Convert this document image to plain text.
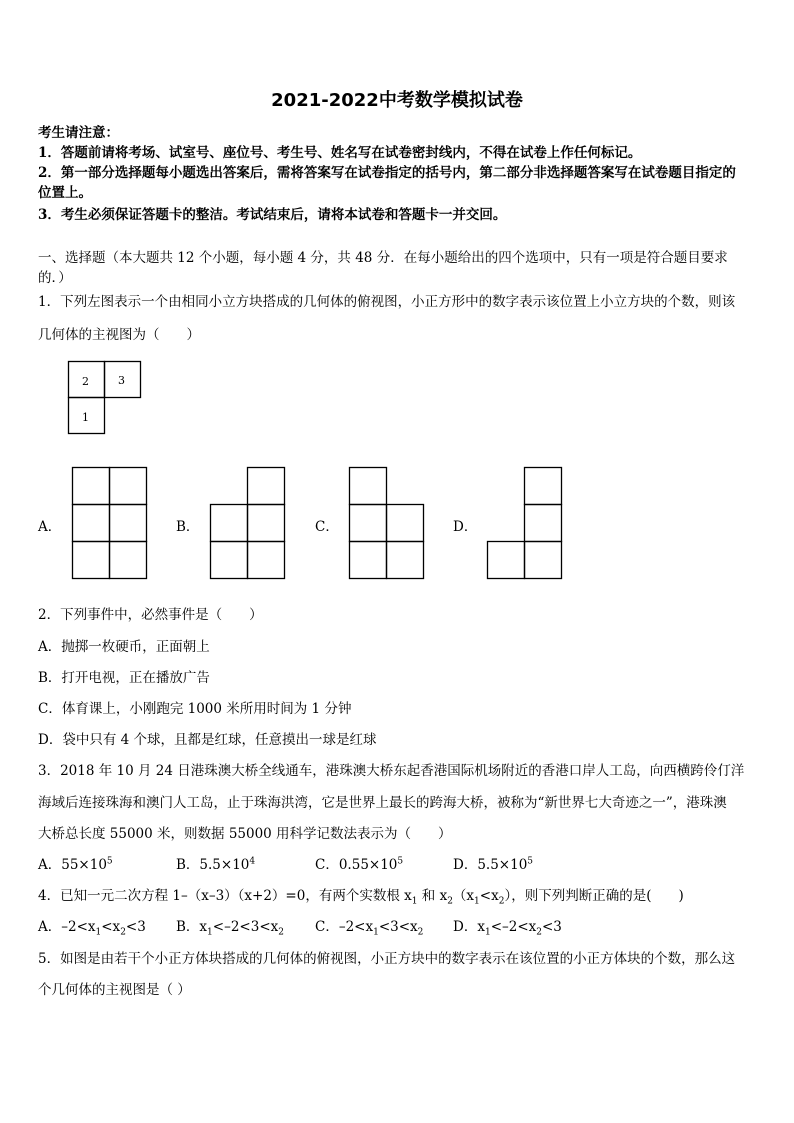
2021-2022中考数学模拟试卷
考生请注意：
1．答题前请将考场、试室号、座位号、考生号、姓名写在试卷密封线内，不得在试卷上作任何标记。
2．第一部分选择题每小题选出答案后，需将答案写在试卷指定的括号内，第二部分非选择题答案写在试卷题目指定的
位置上。
3．考生必须保证答题卡的整洁。考试结束后，请将本试卷和答题卡一并交回。
一、选择题（本大题共 12 个小题，每小题 4 分，共 48 分．在每小题给出的四个选项中，只有一项是符合题目要求
的．）
1．下列左图表示一个由相同小立方块搭成的几何体的俯视图，小正方形中的数字表示该位置上小立方块的个数，则该
几何体的主视图为（　　）
2	3
1
A．	B．	C．	D．
2．下列事件中，必然事件是（　　）
A．抛掷一枚硬币，正面朝上
B．打开电视，正在播放广告
C．体育课上，小刚跑完 1000 米所用时间为 1 分钟
D．袋中只有 4 个球，且都是红球，任意摸出一球是红球
3．2018 年 10 月 24 日港珠澳大桥全线通车，港珠澳大桥东起香港国际机场附近的香港口岸人工岛，向西横跨伶仃洋
海域后连接珠海和澳门人工岛，止于珠海洪湾，它是世界上最长的跨海大桥，被称为“新世界七大奇迹之一”，港珠澳
大桥总长度 55000 米，则数据 55000 用科学记数法表示为（　　）
A．$55\times 10^5$	B．$5.5\times 10^4$	C．$0.55\times 10^5$	D．$5.5\times 10^5$
4．已知一元二次方程 1–（x–3）（x+2）=0，有两个实数根 $x_1$ 和 $x_2(x_1<x_2)$，则下列判断正确的是(　　)
A．$-2<x_1<x_2<3$ B．$x_1<-2<3<x_2$ C．$-2<x_1<3<x_2$ D．$x_1<-2<x_2<3$
5．如图是由若干个小正方体块搭成的几何体的俯视图，小正方块中的数字表示在该位置的小正方体块的个数，那么这
个几何体的主视图是（ ）
